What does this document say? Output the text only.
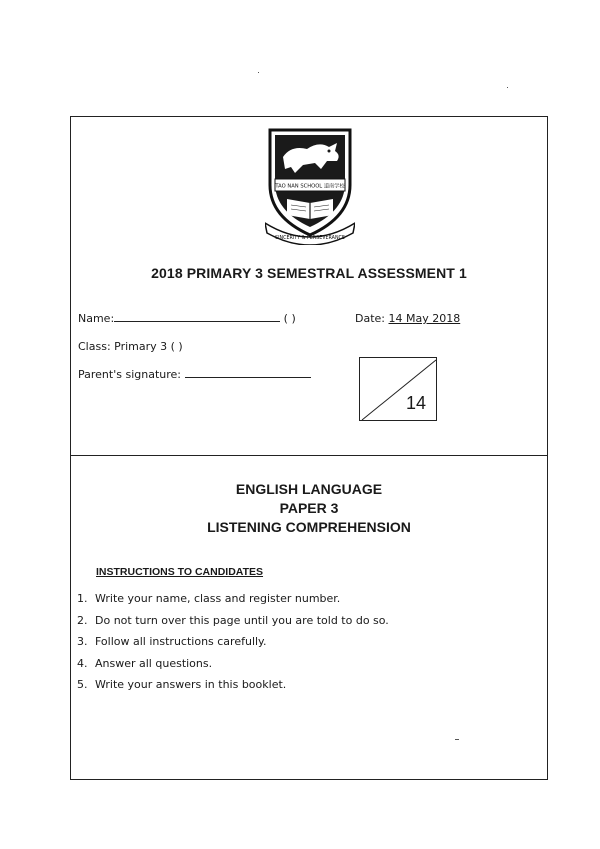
TAO NAN SCHOOL 道南学校
SINCERITY & PERSEVERANCE
2018 PRIMARY 3 SEMESTRAL ASSESSMENT 1
Name:	( )	Date: 14 May 2018
Class: Primary 3 ( )
Parent's signature:
14
ENGLISH LANGUAGE
PAPER 3
LISTENING COMPREHENSION
INSTRUCTIONS TO CANDIDATES
1. Write your name, class and register number.
2. Do not turn over this page until you are told to do so.
3. Follow all instructions carefully.
4. Answer all questions.
5. Write your answers in this booklet.
